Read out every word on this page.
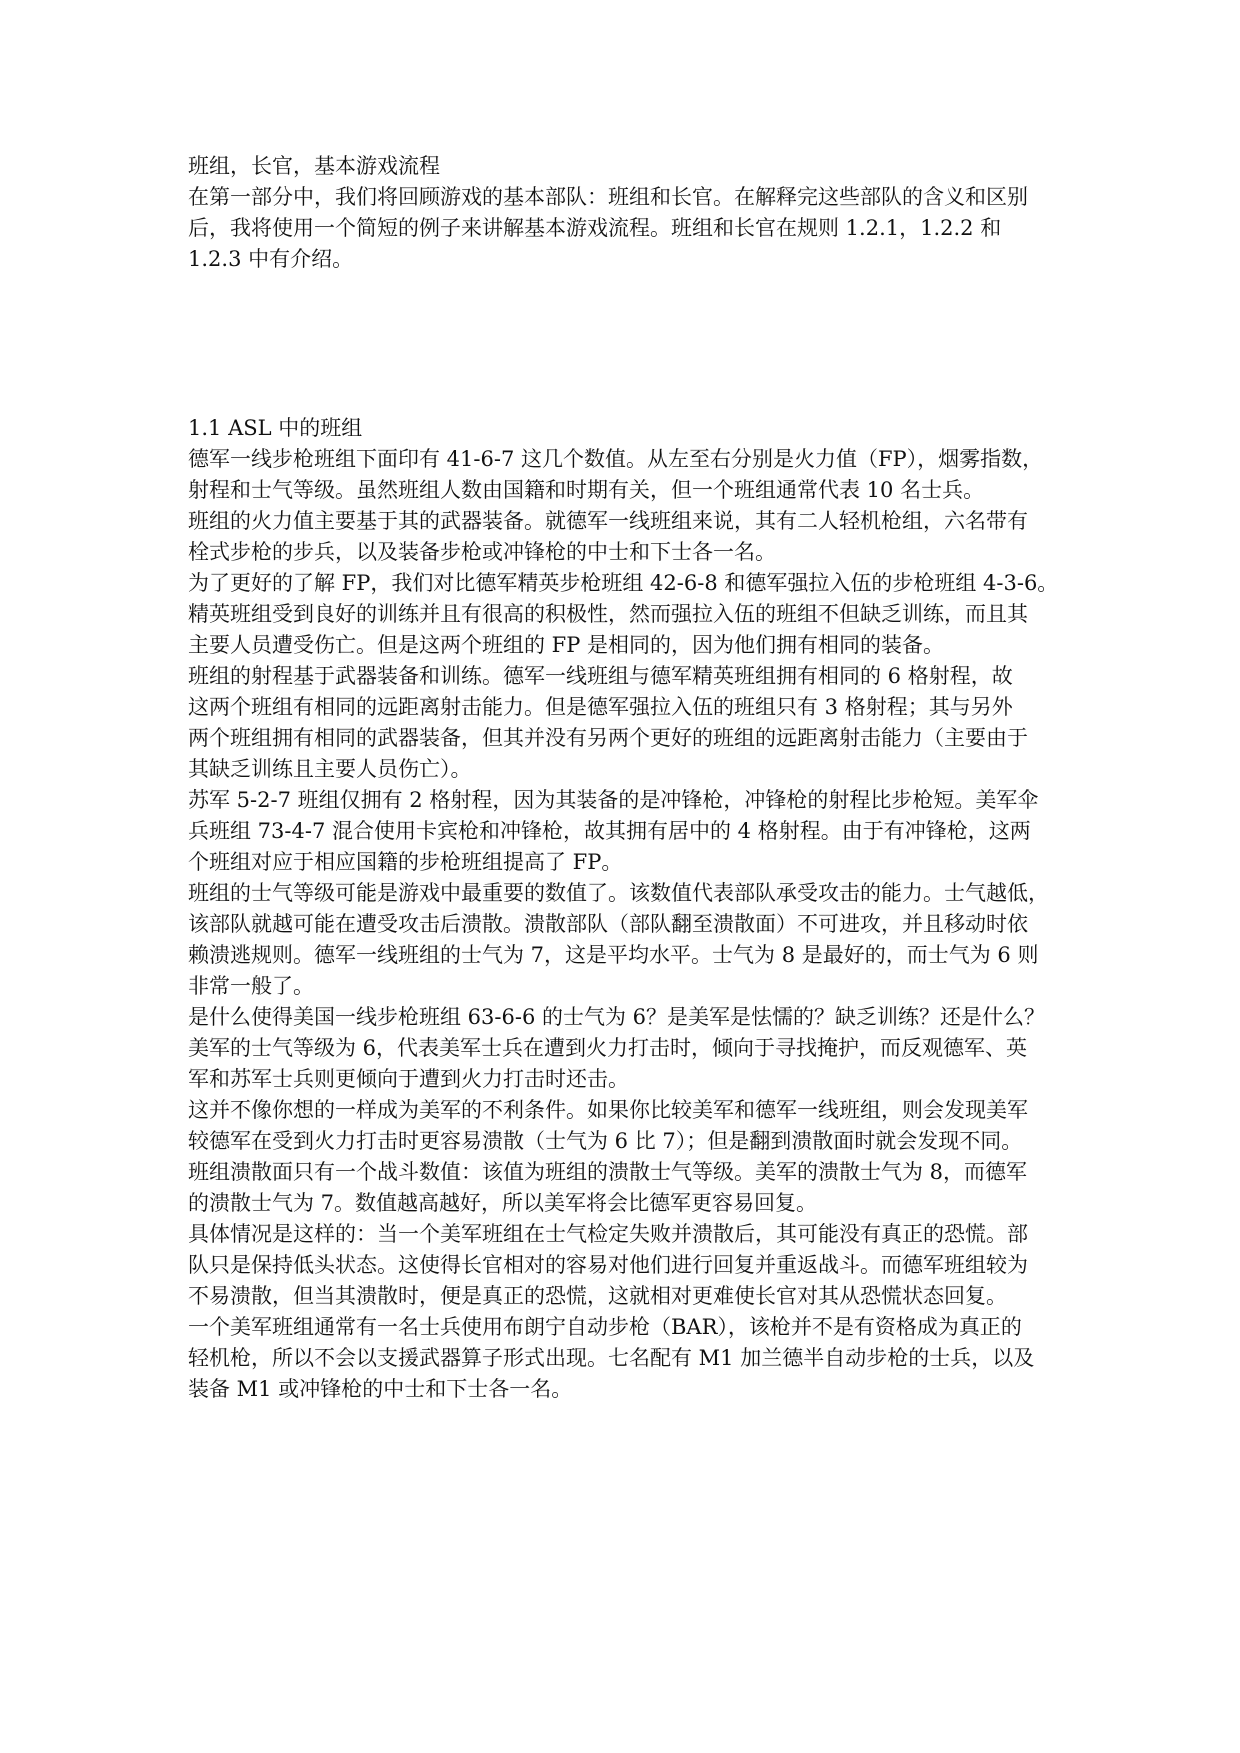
班组，长官，基本游戏流程

在第一部分中，我们将回顾游戏的基本部队：班组和长官。在解释完这些部队的含义和区别
后，我将使用一个简短的例子来讲解基本游戏流程。班组和长官在规则 1.2.1，1.2.2 和
1.2.3 中有介绍。

1.1 ASL 中的班组

德军一线步枪班组下面印有 41-6-7 这几个数值。从左至右分别是火力值（FP），烟雾指数，
射程和士气等级。虽然班组人数由国籍和时期有关，但一个班组通常代表 10 名士兵。

班组的火力值主要基于其的武器装备。就德军一线班组来说，其有二人轻机枪组，六名带有
栓式步枪的步兵，以及装备步枪或冲锋枪的中士和下士各一名。

为了更好的了解 FP，我们对比德军精英步枪班组 42-6-8 和德军强拉入伍的步枪班组 4-3-6。
精英班组受到良好的训练并且有很高的积极性，然而强拉入伍的班组不但缺乏训练，而且其
主要人员遭受伤亡。但是这两个班组的 FP 是相同的，因为他们拥有相同的装备。

班组的射程基于武器装备和训练。德军一线班组与德军精英班组拥有相同的 6 格射程，故
这两个班组有相同的远距离射击能力。但是德军强拉入伍的班组只有 3 格射程；其与另外
两个班组拥有相同的武器装备，但其并没有另两个更好的班组的远距离射击能力（主要由于
其缺乏训练且主要人员伤亡）。

苏军 5-2-7 班组仅拥有 2 格射程，因为其装备的是冲锋枪，冲锋枪的射程比步枪短。美军伞
兵班组 73-4-7 混合使用卡宾枪和冲锋枪，故其拥有居中的 4 格射程。由于有冲锋枪，这两
个班组对应于相应国籍的步枪班组提高了 FP。

班组的士气等级可能是游戏中最重要的数值了。该数值代表部队承受攻击的能力。士气越低，
该部队就越可能在遭受攻击后溃散。溃散部队（部队翻至溃散面）不可进攻，并且移动时依
赖溃逃规则。德军一线班组的士气为 7，这是平均水平。士气为 8 是最好的，而士气为 6 则
非常一般了。

是什么使得美国一线步枪班组 63-6-6 的士气为 6？是美军是怯懦的？缺乏训练？还是什么？
美军的士气等级为 6，代表美军士兵在遭到火力打击时，倾向于寻找掩护，而反观德军、英
军和苏军士兵则更倾向于遭到火力打击时还击。

这并不像你想的一样成为美军的不利条件。如果你比较美军和德军一线班组，则会发现美军
较德军在受到火力打击时更容易溃散（士气为 6 比 7）；但是翻到溃散面时就会发现不同。
班组溃散面只有一个战斗数值：该值为班组的溃散士气等级。美军的溃散士气为 8，而德军
的溃散士气为 7。数值越高越好，所以美军将会比德军更容易回复。

具体情况是这样的：当一个美军班组在士气检定失败并溃散后，其可能没有真正的恐慌。部
队只是保持低头状态。这使得长官相对的容易对他们进行回复并重返战斗。而德军班组较为
不易溃散，但当其溃散时，便是真正的恐慌，这就相对更难使长官对其从恐慌状态回复。

一个美军班组通常有一名士兵使用布朗宁自动步枪（BAR），该枪并不是有资格成为真正的
轻机枪，所以不会以支援武器算子形式出现。七名配有 M1 加兰德半自动步枪的士兵，以及
装备 M1 或冲锋枪的中士和下士各一名。
